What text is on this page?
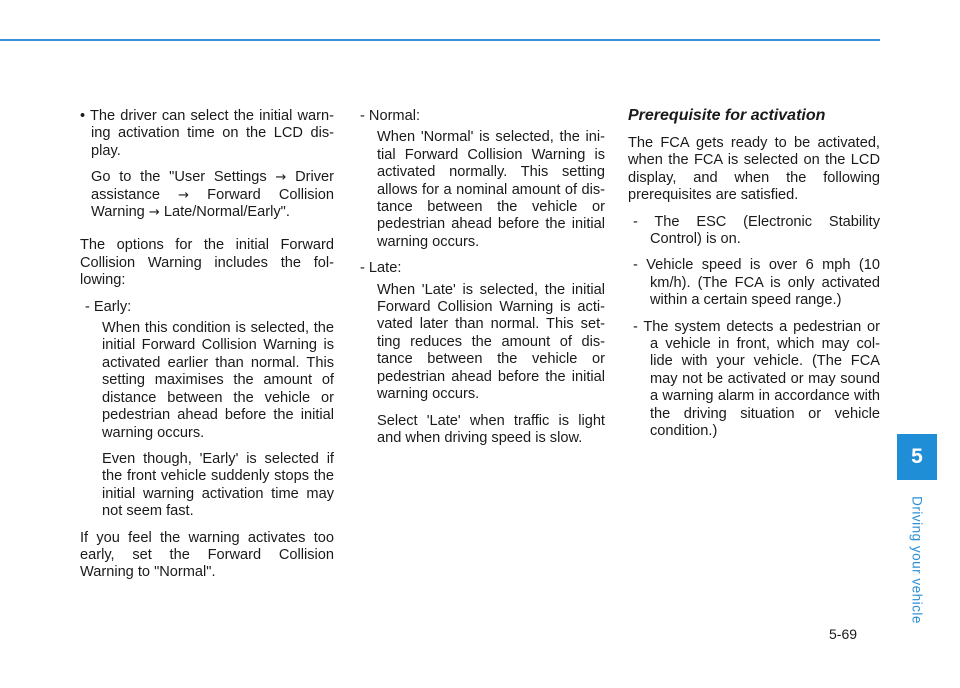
• The driver can select the initial warn-ing activation time on the LCD dis-play.

Go to the "User Settings → Driver assistance → Forward Collision Warning → Late/Normal/Early".

The options for the initial Forward Collision Warning includes the fol-lowing:

- Early:

When this condition is selected, the initial Forward Collision Warning is activated earlier than normal. This setting maximises the amount of distance between the vehicle or pedestrian ahead before the initial warning occurs.

Even though, 'Early' is selected if the front vehicle suddenly stops the initial warning activation time may not seem fast.

If you feel the warning activates too early, set the Forward Collision Warning to "Normal".

- Normal:

When 'Normal' is selected, the ini-tial Forward Collision Warning is activated normally. This setting allows for a nominal amount of dis-tance between the vehicle or pedestrian ahead before the initial warning occurs.

- Late:

When 'Late' is selected, the initial Forward Collision Warning is acti-vated later than normal. This set-ting reduces the amount of dis-tance between the vehicle or pedestrian ahead before the initial warning occurs.

Select 'Late' when traffic is light and when driving speed is slow.

Prerequisite for activation

The FCA gets ready to be activated, when the FCA is selected on the LCD display, and when the following prerequisites are satisfied.

- The ESC (Electronic Stability Control) is on.

- Vehicle speed is over 6 mph (10 km/h). (The FCA is only activated within a certain speed range.)

- The system detects a pedestrian or a vehicle in front, which may col-lide with your vehicle. (The FCA may not be activated or may sound a warning alarm in accordance with the driving situation or vehicle condition.)

5
Driving your vehicle
5-69
